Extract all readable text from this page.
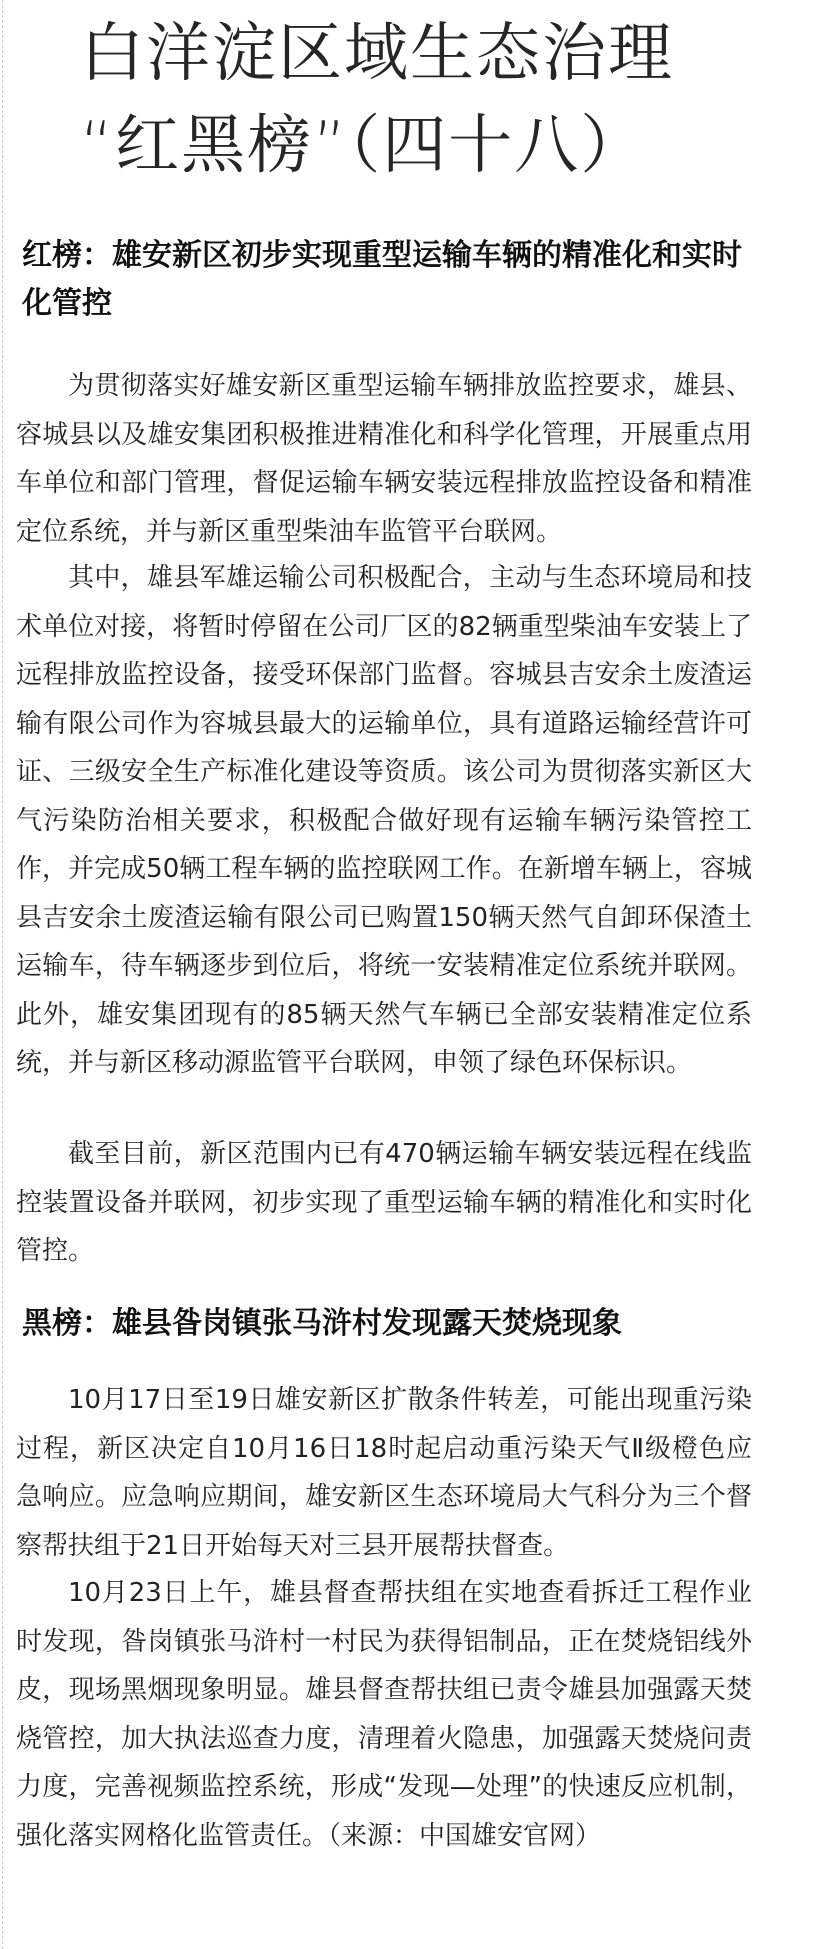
白洋淀区域生态治理
“红黑榜”（四十八）
红榜：雄安新区初步实现重型运输车辆的精准化和实时化管控

为贯彻落实好雄安新区重型运输车辆排放监控要求，雄县、容城县以及雄安集团积极推进精准化和科学化管理，开展重点用车单位和部门管理，督促运输车辆安装远程排放监控设备和精准定位系统，并与新区重型柴油车监管平台联网。

其中，雄县军雄运输公司积极配合，主动与生态环境局和技术单位对接，将暂时停留在公司厂区的82辆重型柴油车安装上了远程排放监控设备，接受环保部门监督。容城县吉安余土废渣运输有限公司作为容城县最大的运输单位，具有道路运输经营许可证、三级安全生产标准化建设等资质。该公司为贯彻落实新区大气污染防治相关要求，积极配合做好现有运输车辆污染管控工作，并完成50辆工程车辆的监控联网工作。在新增车辆上，容城县吉安余土废渣运输有限公司已购置150辆天然气自卸环保渣土运输车，待车辆逐步到位后，将统一安装精准定位系统并联网。此外，雄安集团现有的85辆天然气车辆已全部安装精准定位系统，并与新区移动源监管平台联网，申领了绿色环保标识。

截至目前，新区范围内已有470辆运输车辆安装远程在线监控装置设备并联网，初步实现了重型运输车辆的精准化和实时化管控。

黑榜：雄县昝岗镇张马浒村发现露天焚烧现象

10月17日至19日雄安新区扩散条件转差，可能出现重污染过程，新区决定自10月16日18时起启动重污染天气Ⅱ级橙色应急响应。应急响应期间，雄安新区生态环境局大气科分为三个督察帮扶组于21日开始每天对三县开展帮扶督查。

10月23日上午，雄县督查帮扶组在实地查看拆迁工程作业时发现，昝岗镇张马浒村一村民为获得铝制品，正在焚烧铝线外皮，现场黑烟现象明显。雄县督查帮扶组已责令雄县加强露天焚烧管控，加大执法巡查力度，清理着火隐患，加强露天焚烧问责力度，完善视频监控系统，形成“发现—处理”的快速反应机制，强化落实网格化监管责任。（来源：中国雄安官网）
